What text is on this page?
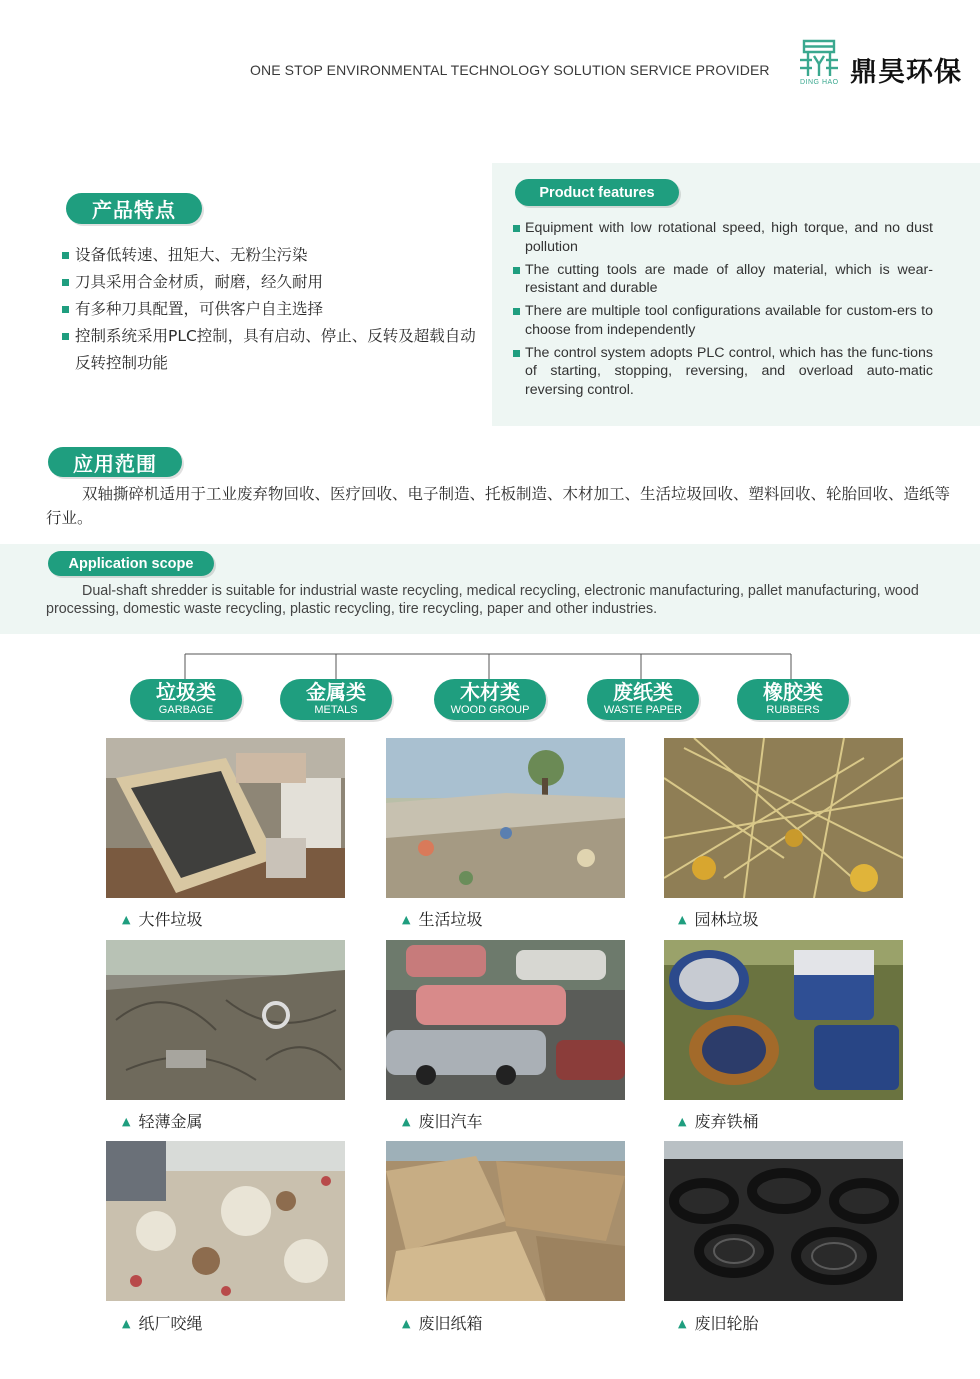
ONE STOP ENVIRONMENTAL TECHNOLOGY SOLUTION SERVICE PROVIDER
DING HAO 鼎昊环保
产品特点
Product features
设备低转速、扭矩大、无粉尘污染
刀具采用合金材质，耐磨，经久耐用
有多种刀具配置，可供客户自主选择
控制系统采用PLC控制，具有启动、停止、反转及超载自动反转控制功能
Equipment with low rotational speed, high torque, and no dust pollution
The cutting tools are made of alloy material, which is wear-resistant and durable
There are multiple tool configurations available for custom-ers to choose from independently
The control system adopts PLC control, which has the func-tions of starting, stopping, reversing, and overload auto-matic reversing control.
应用范围
双轴撕碎机适用于工业废弃物回收、医疗回收、电子制造、托板制造、木材加工、生活垃圾回收、塑料回收、轮胎回收、造纸等行业。
Application scope
Dual-shaft shredder is suitable for industrial waste recycling, medical recycling, electronic manufacturing, pallet manufacturing, wood processing, domestic waste recycling, plastic recycling, tire recycling, paper and other industries.
垃圾类
GARBAGE
金属类
METALS
木材类
WOOD GROUP
废纸类
WASTE PAPER
橡胶类
RUBBERS
▲ 大件垃圾	▲ 生活垃圾	▲ 园林垃圾
▲ 轻薄金属	▲ 废旧汽车	▲ 废弃铁桶
▲ 纸厂咬绳	▲ 废旧纸箱	▲ 废旧轮胎
